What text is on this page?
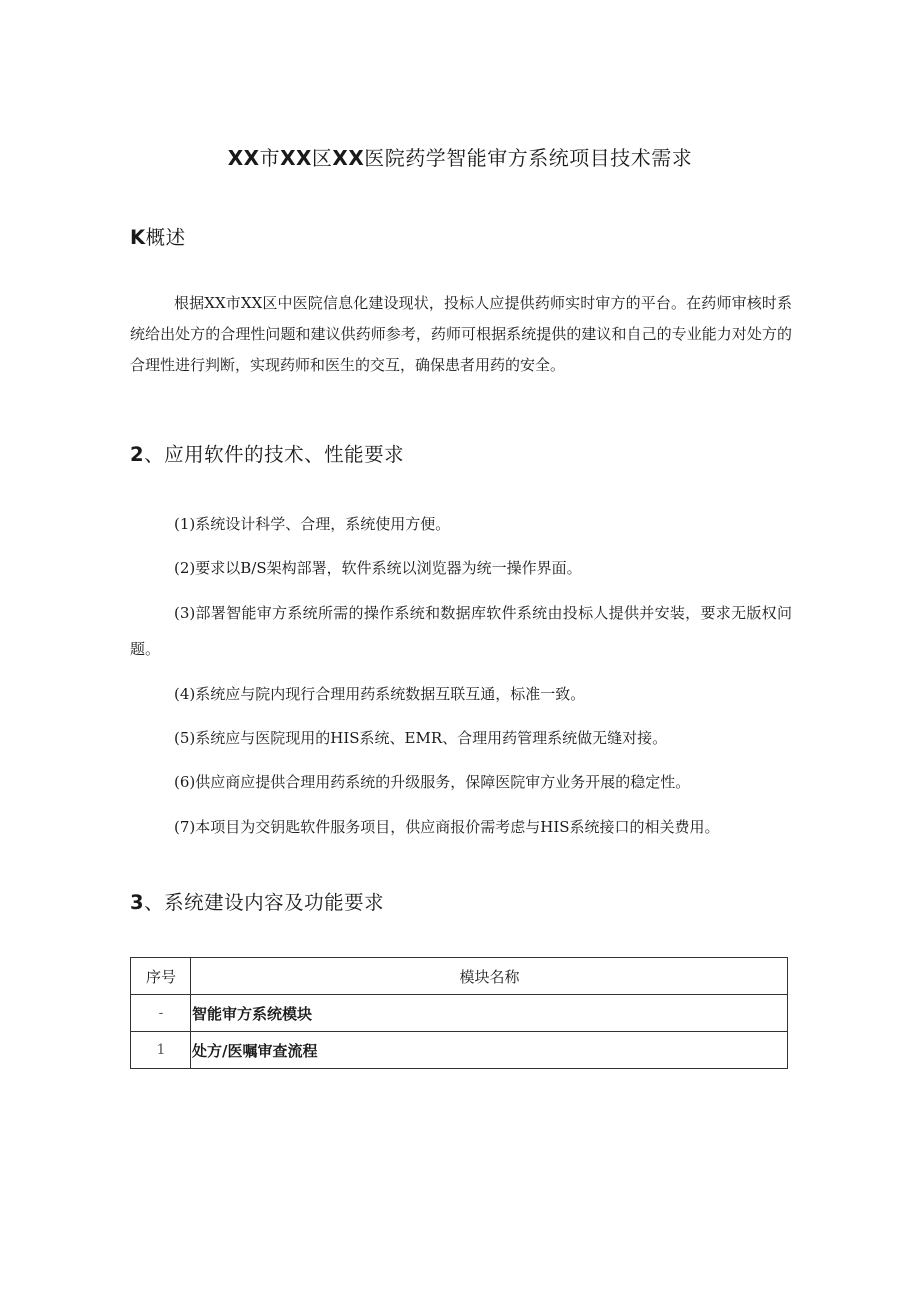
XX市XX区XX医院药学智能审方系统项目技术需求
K概述

根据XX市XX区中医院信息化建设现状，投标人应提供药师实时审方的平台。在药师审核时系统给出处方的合理性问题和建议供药师参考，药师可根据系统提供的建议和自己的专业能力对处方的合理性进行判断，实现药师和医生的交互，确保患者用药的安全。

2、应用软件的技术、性能要求

(1)系统设计科学、合理，系统使用方便。

(2)要求以B/S架构部署，软件系统以浏览器为统一操作界面。

(3)部署智能审方系统所需的操作系统和数据库软件系统由投标人提供并安装，要求无版权问题。

(4)系统应与院内现行合理用药系统数据互联互通，标准一致。

(5)系统应与医院现用的HIS系统、EMR、合理用药管理系统做无缝对接。

(6)供应商应提供合理用药系统的升级服务，保障医院审方业务开展的稳定性。

(7)本项目为交钥匙软件服务项目，供应商报价需考虑与HIS系统接口的相关费用。

3、系统建设内容及功能要求
序号	模块名称
-	智能审方系统模块
1	处方/医嘱审查流程
